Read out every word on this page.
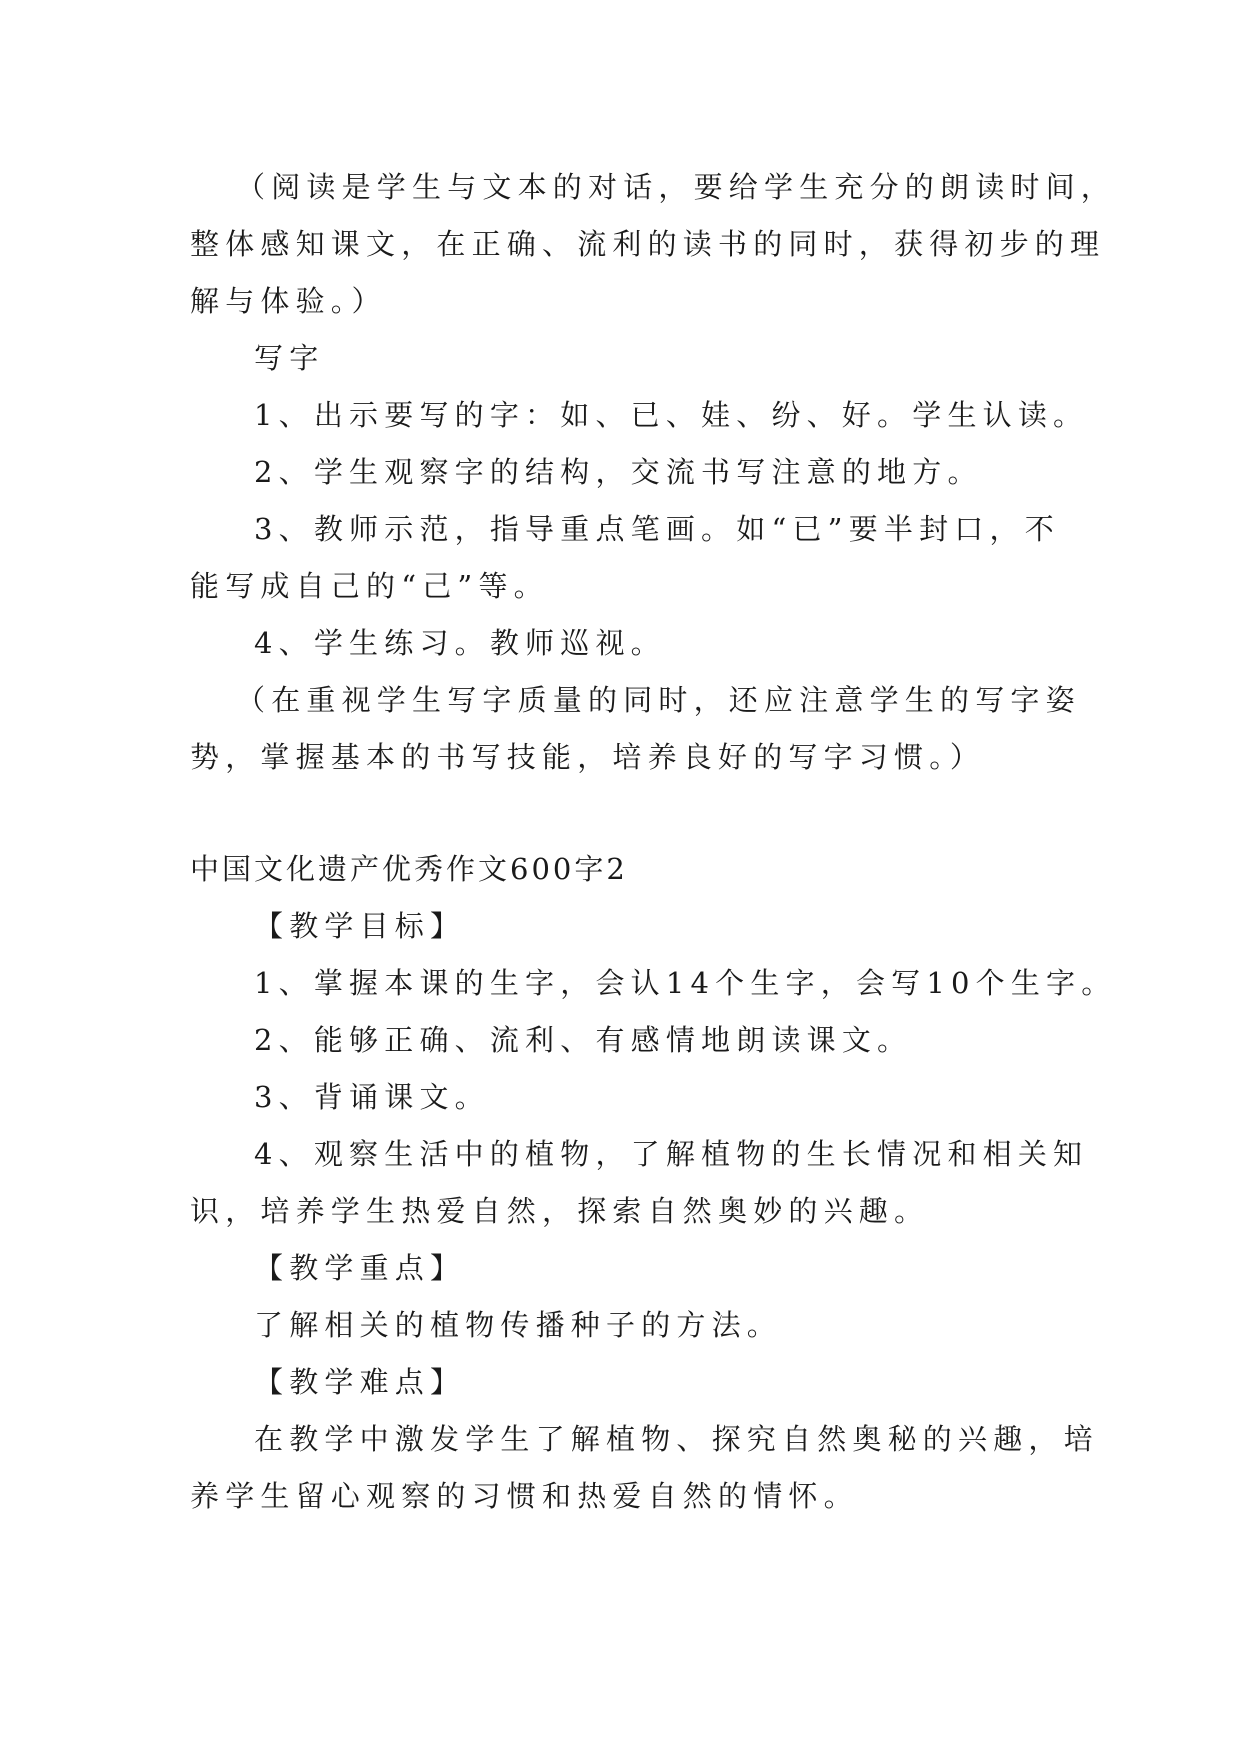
（阅读是学生与文本的对话，要给学生充分的朗读时间，
整体感知课文，在正确、流利的读书的同时，获得初步的理
解与体验。）
写字
1、出示要写的字：如、已、娃、纷、好。学生认读。
2、学生观察字的结构，交流书写注意的地方。
3、教师示范，指导重点笔画。如“已”要半封口，不
能写成自己的“己”等。
4、学生练习。教师巡视。
（在重视学生写字质量的同时，还应注意学生的写字姿
势，掌握基本的书写技能，培养良好的写字习惯。）
中国文化遗产优秀作文600字2
【教学目标】
1、掌握本课的生字，会认14个生字，会写10个生字。
2、能够正确、流利、有感情地朗读课文。
3、背诵课文。
4、观察生活中的植物，了解植物的生长情况和相关知
识，培养学生热爱自然，探索自然奥妙的兴趣。
【教学重点】
了解相关的植物传播种子的方法。
【教学难点】
在教学中激发学生了解植物、探究自然奥秘的兴趣，培
养学生留心观察的习惯和热爱自然的情怀。
